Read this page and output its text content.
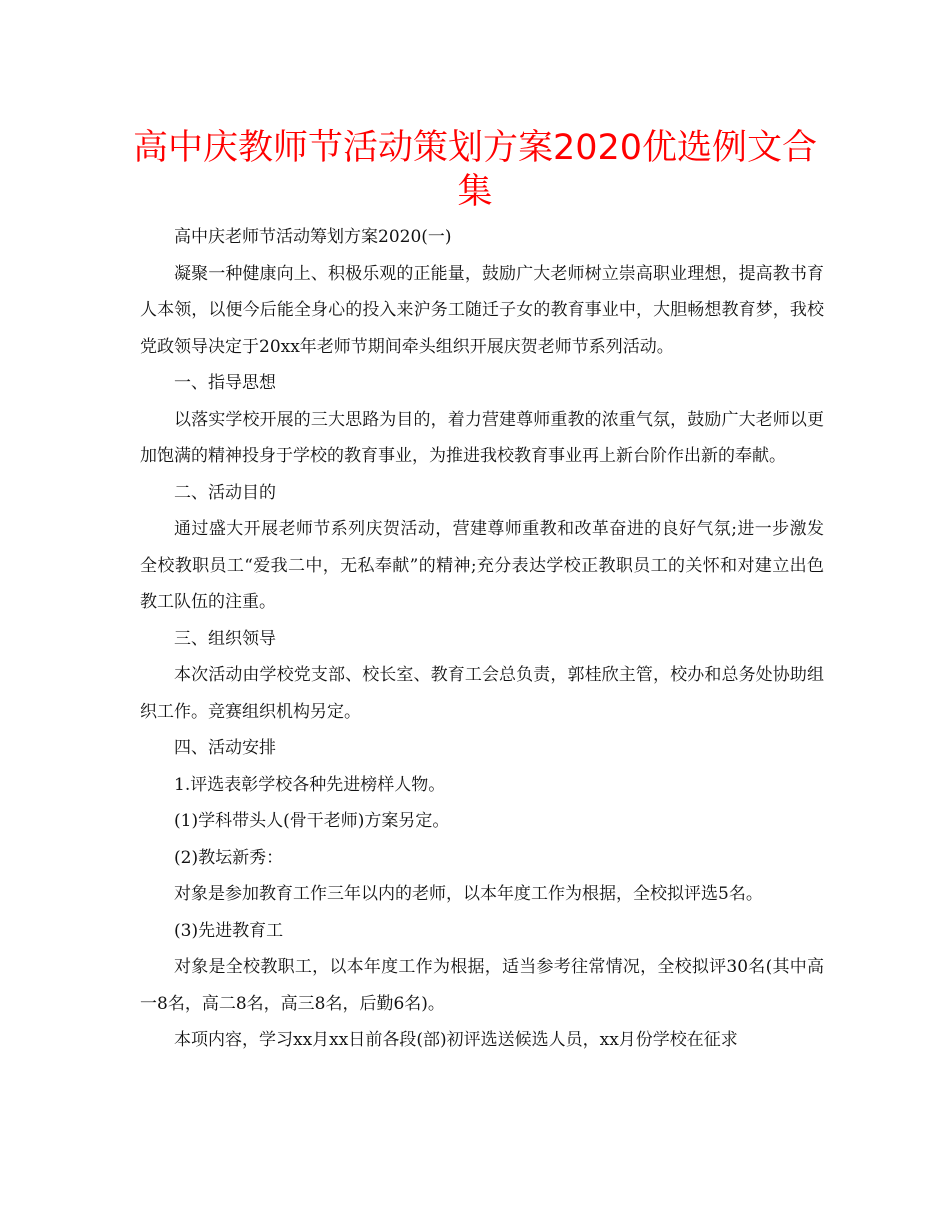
高中庆教师节活动策划方案2020优选例文合集

高中庆老师节活动筹划方案2020(一)

凝聚一种健康向上、积极乐观的正能量，鼓励广大老师树立崇高职业理想，提高教书育人本领，以便今后能全身心的投入来沪务工随迁子女的教育事业中，大胆畅想教育梦，我校党政领导决定于20xx年老师节期间牵头组织开展庆贺老师节系列活动。

一、指导思想

以落实学校开展的三大思路为目的，着力营建尊师重教的浓重气氛，鼓励广大老师以更加饱满的精神投身于学校的教育事业，为推进我校教育事业再上新台阶作出新的奉献。

二、活动目的

通过盛大开展老师节系列庆贺活动，营建尊师重教和改革奋进的良好气氛;进一步激发全校教职员工“爱我二中，无私奉献”的精神;充分表达学校正教职员工的关怀和对建立出色教工队伍的注重。

三、组织领导

本次活动由学校党支部、校长室、教育工会总负责，郭桂欣主管，校办和总务处协助组织工作。竞赛组织机构另定。

四、活动安排

1.评选表彰学校各种先进榜样人物。

(1)学科带头人(骨干老师)方案另定。

(2)教坛新秀：

对象是参加教育工作三年以内的老师，以本年度工作为根据，全校拟评选5名。

(3)先进教育工

对象是全校教职工，以本年度工作为根据，适当参考往常情况，全校拟评30名(其中高一8名，高二8名，高三8名，后勤6名)。

本项内容，学习xx月xx日前各段(部)初评选送候选人员，xx月份学校在征求
